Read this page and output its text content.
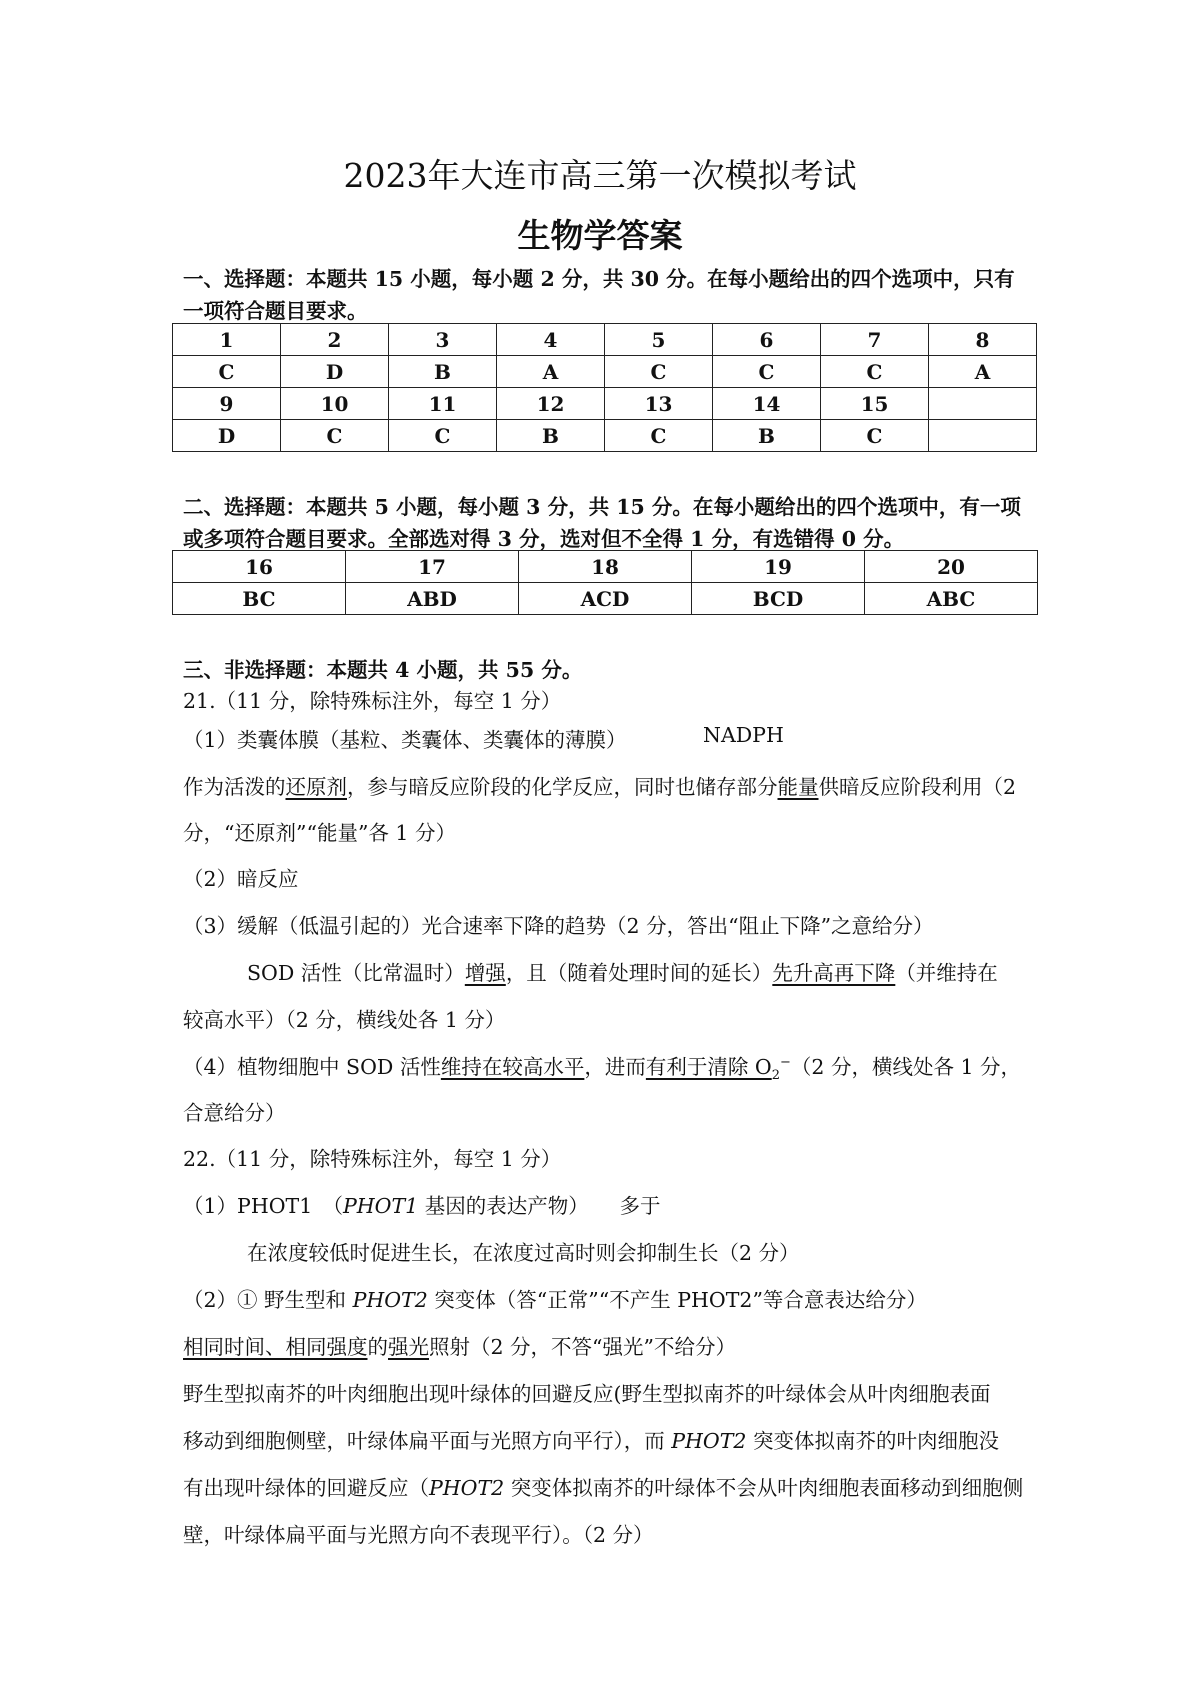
2023年大连市高三第一次模拟考试
生物学答案
一、选择题：本题共 15 小题，每小题 2 分，共 30 分。在每小题给出的四个选项中，只有
一项符合题目要求。
1	2	3	4	5	6	7	8
C	D	B	A	C	C	C	A
9	10	11	12	13	14	15	
D	C	C	B	C	B	C	
二、选择题：本题共 5 小题，每小题 3 分，共 15 分。在每小题给出的四个选项中，有一项
或多项符合题目要求。全部选对得 3 分，选对但不全得 1 分，有选错得 0 分。
16	17	18	19	20
BC	ABD	ACD	BCD	ABC
三、非选择题：本题共 4 小题，共 55 分。
21.（11 分，除特殊标注外，每空 1 分）
（1）类囊体膜（基粒、类囊体、类囊体的薄膜）	NADPH
作为活泼的还原剂，参与暗反应阶段的化学反应，同时也储存部分能量供暗反应阶段利用（2
分，“还原剂”“能量”各 1 分）
（2）暗反应
（3）缓解（低温引起的）光合速率下降的趋势（2 分，答出“阻止下降”之意给分）
SOD 活性（比常温时）增强，且（随着处理时间的延长）先升高再下降（并维持在
较高水平）（2 分，横线处各 1 分）
（4）植物细胞中 SOD 活性维持在较高水平，进而有利于清除 $O_2^-(2$ 分，横线处各 1 分，
合意给分）
22.（11 分，除特殊标注外，每空 1 分）
（1）PHOT1　（PHOT1 基因的表达产物）　　多于
在浓度较低时促进生长，在浓度过高时则会抑制生长（2 分）
（2）① 野生型和 PHOT2 突变体（答“正常”“不产生 PHOT2”等合意表达给分）
相同时间、相同强度的强光照射（2 分，不答“强光”不给分）
野生型拟南芥的叶肉细胞出现叶绿体的回避反应(野生型拟南芥的叶绿体会从叶肉细胞表面
移动到细胞侧壁，叶绿体扁平面与光照方向平行），而 PHOT2 突变体拟南芥的叶肉细胞没
有出现叶绿体的回避反应（PHOT2 突变体拟南芥的叶绿体不会从叶肉细胞表面移动到细胞侧
壁，叶绿体扁平面与光照方向不表现平行）。（2 分）
